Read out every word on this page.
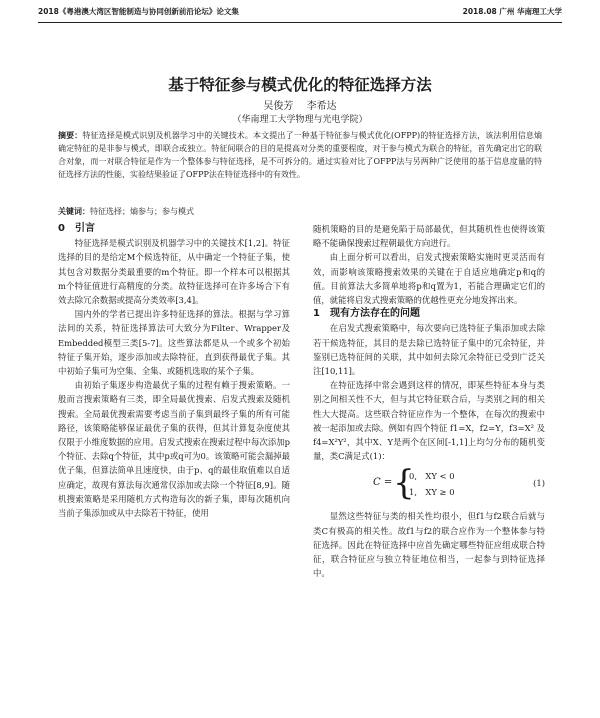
2018《粤港澳大湾区智能制造与协同创新前沿论坛》论文集	2018.08 广州 华南理工大学
基于特征参与模式优化的特征选择方法
吴俊芳　 李希达
（华南理工大学物理与光电学院）
摘要：特征选择是模式识别及机器学习中的关键技术。本文提出了一种基于特征参与模式优化(OFPP)的特征选择方法，该法利用信息熵确定特征的是非参与模式，即联合或独立。特征间联合的目的是提高对分类的重要程度，对于参与模式为联合的特征，首先确定出它的联合对象，而一对联合特征是作为一个整体参与特征选择，是不可拆分的。通过实验对比了OFPP法与另两种广泛使用的基于信息度量的特征选择方法的性能，实验结果验证了OFPP法在特征选择中的有效性。
关键词：特征选择；熵参与；参与模式

0　引言

特征选择是模式识别及机器学习中的关键技术[1,2]。特征选择的目的是给定M个候选特征，从中确定一个特征子集，使其包含对数据分类最重要的m个特征。即一个样本可以根据其m个特征值进行高精度的分类。故特征选择可在许多场合下有效去除冗余数据或提高分类效率[3,4]。

国内外的学者已提出许多特征选择的算法。根据与学习算法间的关系，特征选择算法可大致分为Filter、Wrapper及Embedded模型三类[5-7]。这些算法都是从一个或多个初始特征子集开始，逐步添加或去除特征，直到获得最优子集。其中初始子集可为空集、全集、或随机选取的某个子集。

由初始子集逐步构造最优子集的过程有赖于搜索策略。一般而言搜索策略有三类，即全局最优搜索、启发式搜索及随机搜索。全局最优搜索需要考虑当前子集到最终子集的所有可能路径，该策略能够保证最优子集的获得，但其计算复杂度使其仅限于小维度数据的应用。启发式搜索在搜索过程中每次添加p个特征、去除q个特征，其中p或q可为0。该策略可能会漏掉最优子集，但算法简单且速度快，由于p、q的最佳取值难以自适应确定，故现有算法每次通常仅添加或去除一个特征[8,9]。随机搜索策略是采用随机方式构造每次的新子集，即每次随机向当前子集添加或从中去除若干特征，使用

随机策略的目的是避免陷于局部最优，但其随机性也使得该策略不能确保搜索过程朝最优方向进行。

由上面分析可以看出，启发式搜索策略实施时更灵活而有效，而影响该策略搜索效果的关键在于自适应地确定p和q的值。目前算法大多简单地将p和q置为1，若能合理确定它们的值，就能将启发式搜索策略的优越性更充分地发挥出来。

1　现有方法存在的问题

在启发式搜索策略中，每次要向已选特征子集添加或去除若干候选特征，其目的是去除已选特征子集中的冗余特征，并鉴别已选特征间的关联，其中如何去除冗余特征已受到广泛关注[10,11]。

在特征选择中常会遇到这样的情况，即某些特征本身与类别之间相关性不大，但与其它特征联合后，与类别之间的相关性大大提高。这些联合特征应作为一个整体，在每次的搜索中被一起添加或去除。例如有四个特征 f1=X，f2=Y，f3=X² 及 f4=X²Y²，其中X、Y是两个在区间[-1,1]上均匀分布的随机变量，类C满足式(1)：

C = {
0,　XY < 0
1,　XY ≥ 0
(1)

显然这些特征与类的相关性均很小，但f1与f2联合后就与类C有极高的相关性。故f1与f2的联合应作为一个整体参与特征选择。因此在特征选择中应首先确定哪些特征应组成联合特征，联合特征应与独立特征地位相当，一起参与到特征选择中。
